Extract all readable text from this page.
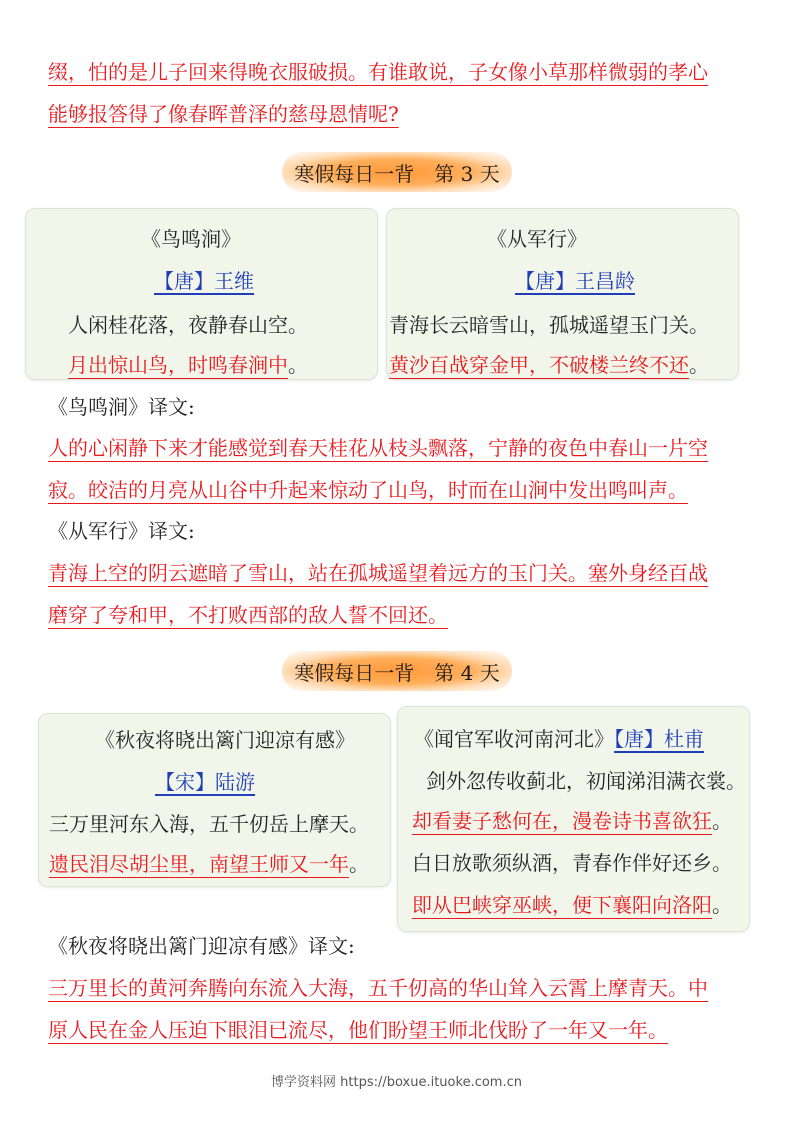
缀，怕的是儿子回来得晚衣服破损。有谁敢说，子女像小草那样微弱的孝心
能够报答得了像春晖普泽的慈母恩情呢?
寒假每日一背 第 3 天
《鸟鸣涧》
【唐】王维
人闲桂花落，夜静春山空。
月出惊山鸟，时鸣春涧中。
《从军行》
【唐】王昌龄
青海长云暗雪山，孤城遥望玉门关。
黄沙百战穿金甲，不破楼兰终不还。
《鸟鸣涧》译文:
人的心闲静下来才能感觉到春天桂花从枝头飘落，宁静的夜色中春山一片空
寂。皎洁的月亮从山谷中升起来惊动了山鸟，时而在山涧中发出鸣叫声。
《从军行》译文:
青海上空的阴云遮暗了雪山，站在孤城遥望着远方的玉门关。塞外身经百战
磨穿了夸和甲，不打败西部的敌人誓不回还。
寒假每日一背 第 4 天
《秋夜将晓出篱门迎凉有感》
【宋】陆游
三万里河东入海，五千仞岳上摩天。
遗民泪尽胡尘里，南望王师又一年。
《闻官军收河南河北》【唐】杜甫
剑外忽传收蓟北，初闻涕泪满衣裳。
却看妻子愁何在，漫卷诗书喜欲狂。
白日放歌须纵酒，青春作伴好还乡。
即从巴峡穿巫峡，便下襄阳向洛阳。
《秋夜将晓出篱门迎凉有感》译文:
三万里长的黄河奔腾向东流入大海，五千仞高的华山耸入云霄上摩青天。中
原人民在金人压迫下眼泪已流尽，他们盼望王师北伐盼了一年又一年。
博学资料网 https://boxue.ituoke.com.cn
